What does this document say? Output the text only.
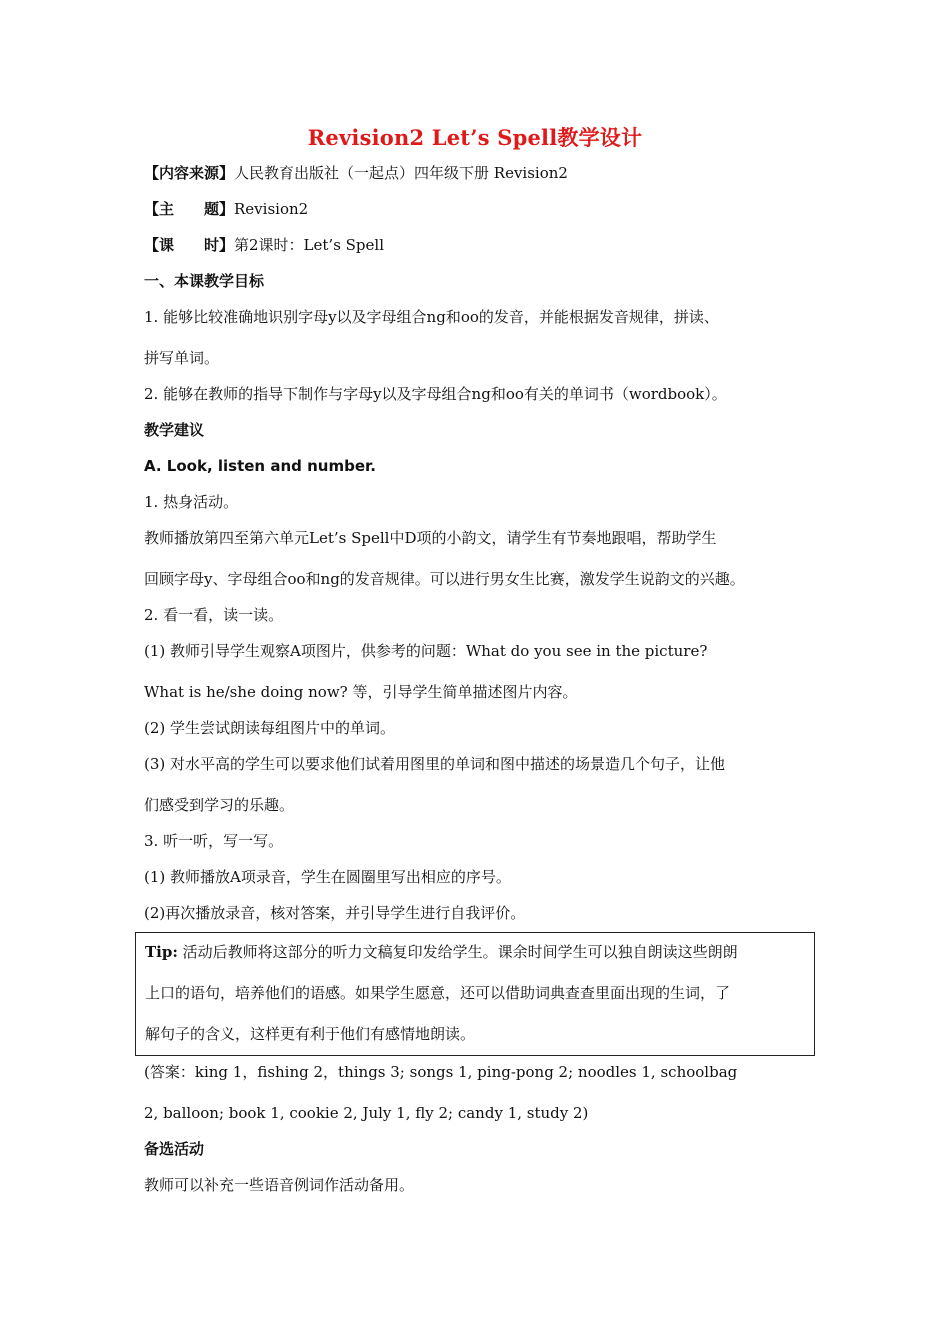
Revision2 Let’s Spell教学设计
【内容来源】人民教育出版社（一起点）四年级下册 Revision2
【主　　题】Revision2
【课　　时】第2课时：Let’s Spell
一、本课教学目标
1. 能够比较准确地识别字母y以及字母组合ng和oo的发音，并能根据发音规律，拼读、
拼写单词。
2. 能够在教师的指导下制作与字母y以及字母组合ng和oo有关的单词书（wordbook）。
教学建议
A. Look, listen and number.
1. 热身活动。
教师播放第四至第六单元Let’s Spell中D项的小韵文，请学生有节奏地跟唱，帮助学生
回顾字母y、字母组合oo和ng的发音规律。可以进行男女生比赛，激发学生说韵文的兴趣。
2. 看一看，读一读。
(1) 教师引导学生观察A项图片，供参考的问题：What do you see in the picture?
What is he/she doing now? 等，引导学生简单描述图片内容。
(2) 学生尝试朗读每组图片中的单词。
(3) 对水平高的学生可以要求他们试着用图里的单词和图中描述的场景造几个句子，让他
们感受到学习的乐趣。
3. 听一听，写一写。
(1) 教师播放A项录音，学生在圆圈里写出相应的序号。
(2)再次播放录音，核对答案，并引导学生进行自我评价。
Tip: 活动后教师将这部分的听力文稿复印发给学生。课余时间学生可以独自朗读这些朗朗
上口的语句，培养他们的语感。如果学生愿意，还可以借助词典查查里面出现的生词，了
解句子的含义，这样更有利于他们有感情地朗读。
(答案：king 1，fishing 2，things 3; songs 1, ping-pong 2; noodles 1, schoolbag
2, balloon; book 1, cookie 2, July 1, fly 2; candy 1, study 2)
备选活动
教师可以补充一些语音例词作活动备用。
